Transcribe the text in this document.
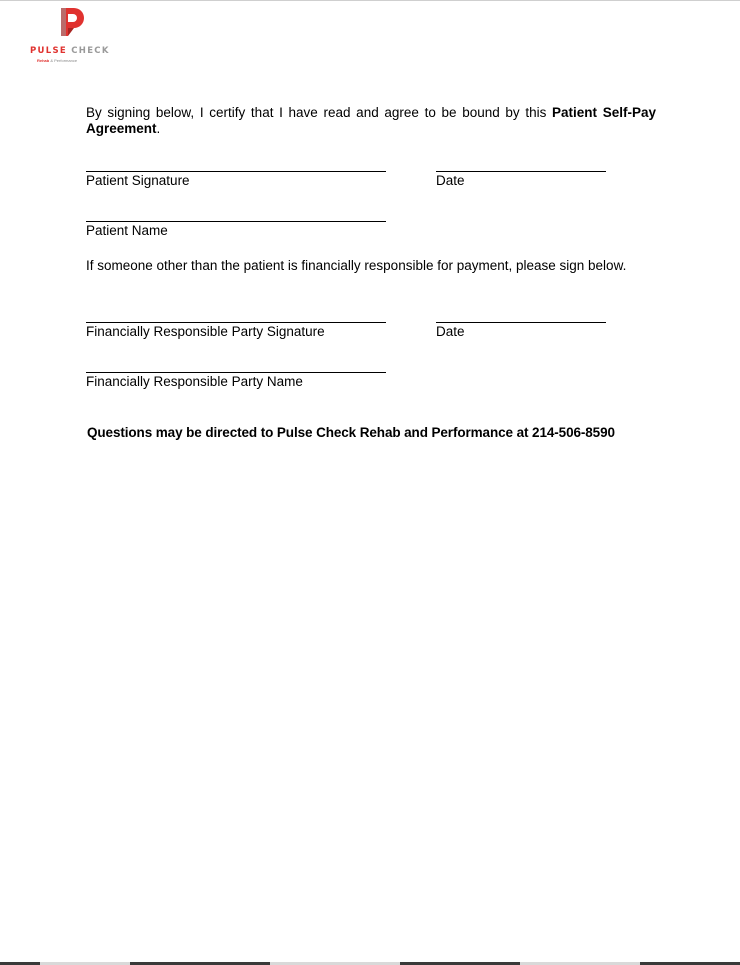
PULSE CHECK
Rehab & Performance
By signing below, I certify that I have read and agree to be bound by this Patient Self-Pay Agreement.
Patient Signature	Date
Patient Name
If someone other than the patient is financially responsible for payment, please sign below.
Financially Responsible Party Signature	Date
Financially Responsible Party Name
Questions may be directed to Pulse Check Rehab and Performance at 214-506-8590
